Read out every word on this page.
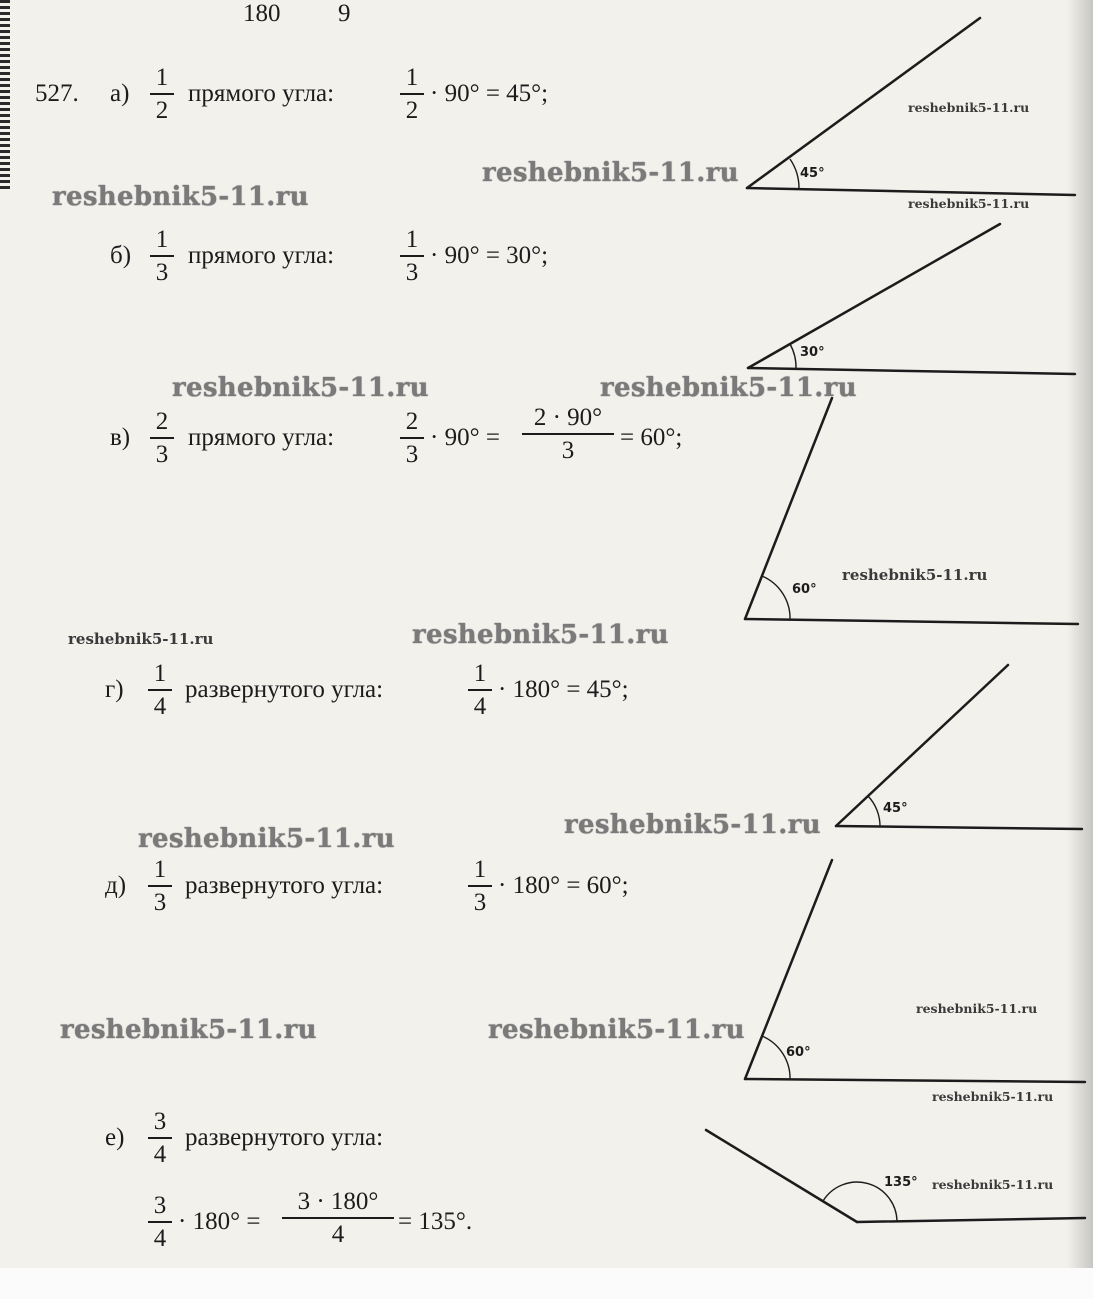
180 9
527. а)
1
2
прямого угла:
1
2
· 90° = 45°;
б)
1
3
прямого угла:
1
3
· 90° = 30°;
в)
2
3
прямого угла:
2
3
· 90° =
2 · 90°
3	= 60°;
г)
1
4
развернутого угла:
1
4
· 180° = 45°;
д)
1
3
развернутого угла:
1
3
· 180° = 60°;
е)
3
4
развернутого угла:
3
4
· 180° =
3 · 180°
4	= 135°.
45°
30°
60°
45°
60°
135°
reshebnik5-11.ru
reshebnik5-11.ru
reshebnik5-11.ru
reshebnik5-11.ru
reshebnik5-11.ru	reshebnik5-11.ru
reshebnik5-11.ru
reshebnik5-11.ru	reshebnik5-11.ru
reshebnik5-11.ru	reshebnik5-11.ru
reshebnik5-11.ru	reshebnik5-11.ru
reshebnik5-11.ru
reshebnik5-11.ru
reshebnik5-11.ru
